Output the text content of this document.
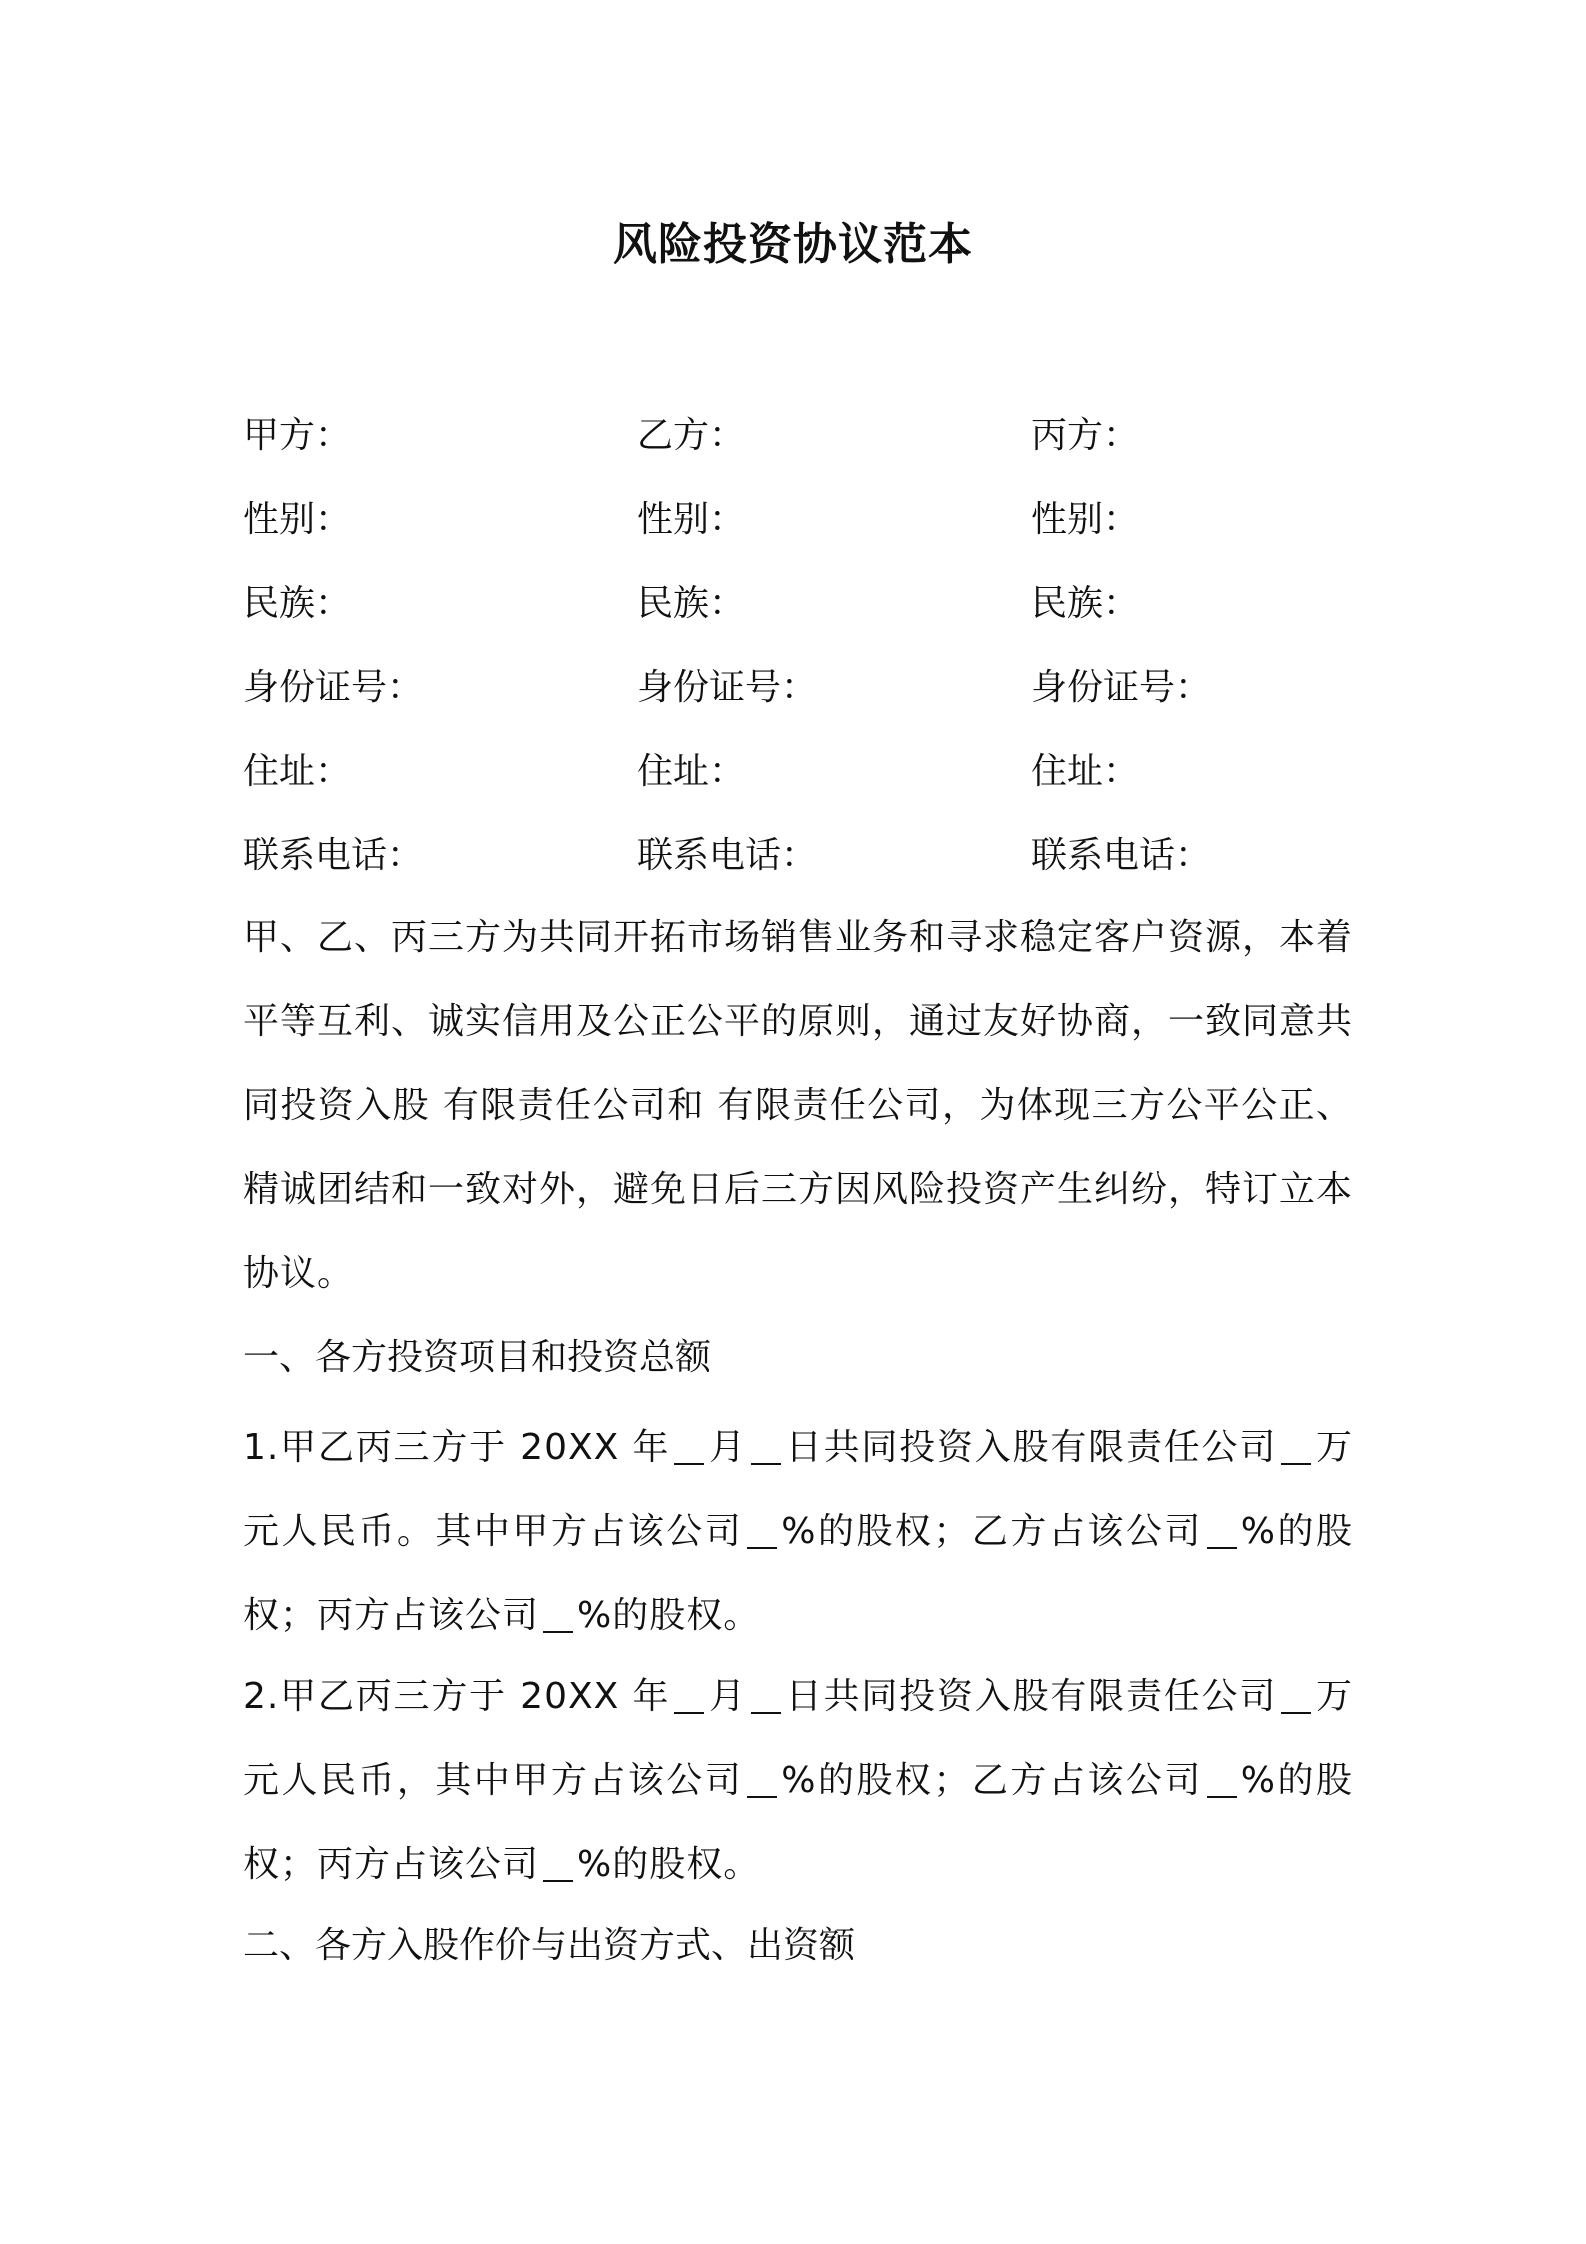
风险投资协议范本
甲方：	乙方：	丙方：
性别：	性别：	性别：
民族：	民族：	民族：
身份证号：	身份证号：	身份证号：
住址：	住址：	住址：
联系电话：	联系电话：	联系电话：

甲、乙、丙三方为共同开拓市场销售业务和寻求稳定客户资源，本着平等互利、诚实信用及公正公平的原则，通过友好协商，一致同意共同投资入股 有限责任公司和 有限责任公司，为体现三方公平公正、精诚团结和一致对外，避免日后三方因风险投资产生纠纷，特订立本协议。

一、各方投资项目和投资总额

1.甲乙丙三方于 20XX 年 月 日共同投资入股有限责任公司 万元人民币。其中甲方占该公司 %的股权；乙方占该公司 %的股权；丙方占该公司 %的股权。

2.甲乙丙三方于 20XX 年 月 日共同投资入股有限责任公司 万元人民币，其中甲方占该公司 %的股权；乙方占该公司 %的股权；丙方占该公司 %的股权。

二、各方入股作价与出资方式、出资额
